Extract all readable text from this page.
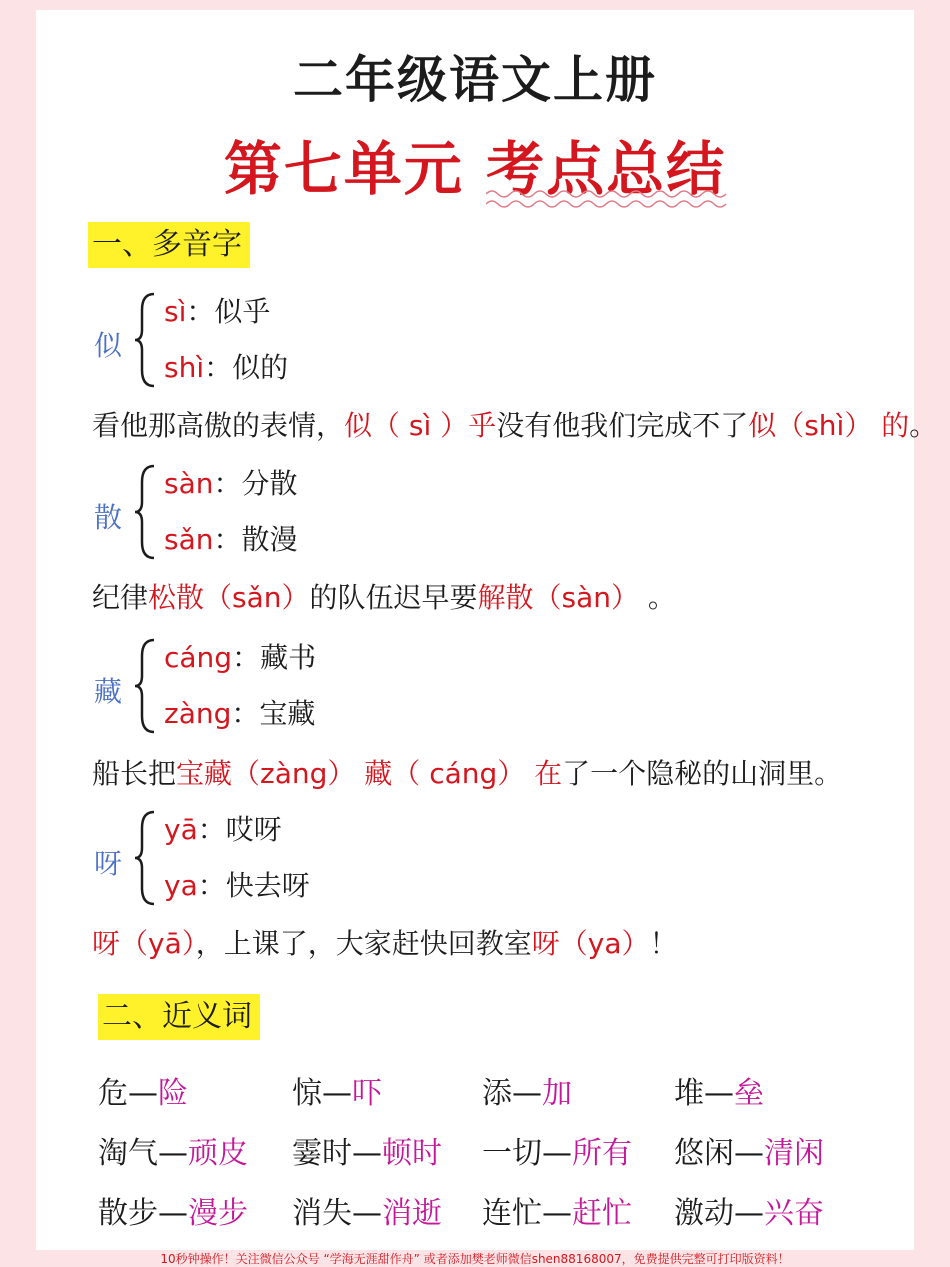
二年级语文上册
第七单元 考点总结
一、多音字
似
sì：似乎
shì：似的
看他那高傲的表情，似（ sì ）乎没有他我们完成不了似（shì） 的。
散
sàn：分散
sǎn：散漫
纪律松散（sǎn）的队伍迟早要解散（sàn） 。
藏
cáng：藏书
zàng：宝藏
船长把宝藏（zàng） 藏（ cáng） 在了一个隐秘的山洞里。
呀
yā：哎呀
ya：快去呀
呀（yā），上课了，大家赶快回教室呀（ya）！
二、近义词
危—险	惊—吓	添—加	堆—垒
淘气—顽皮 霎时—顿时 一切—所有 悠闲—清闲
散步—漫步 消失—消逝 连忙—赶忙 激动—兴奋
10秒钟操作！关注微信公众号 “学海无涯甜作舟” 或者添加樊老师微信shen88168007，免费提供完整可打印版资料！
